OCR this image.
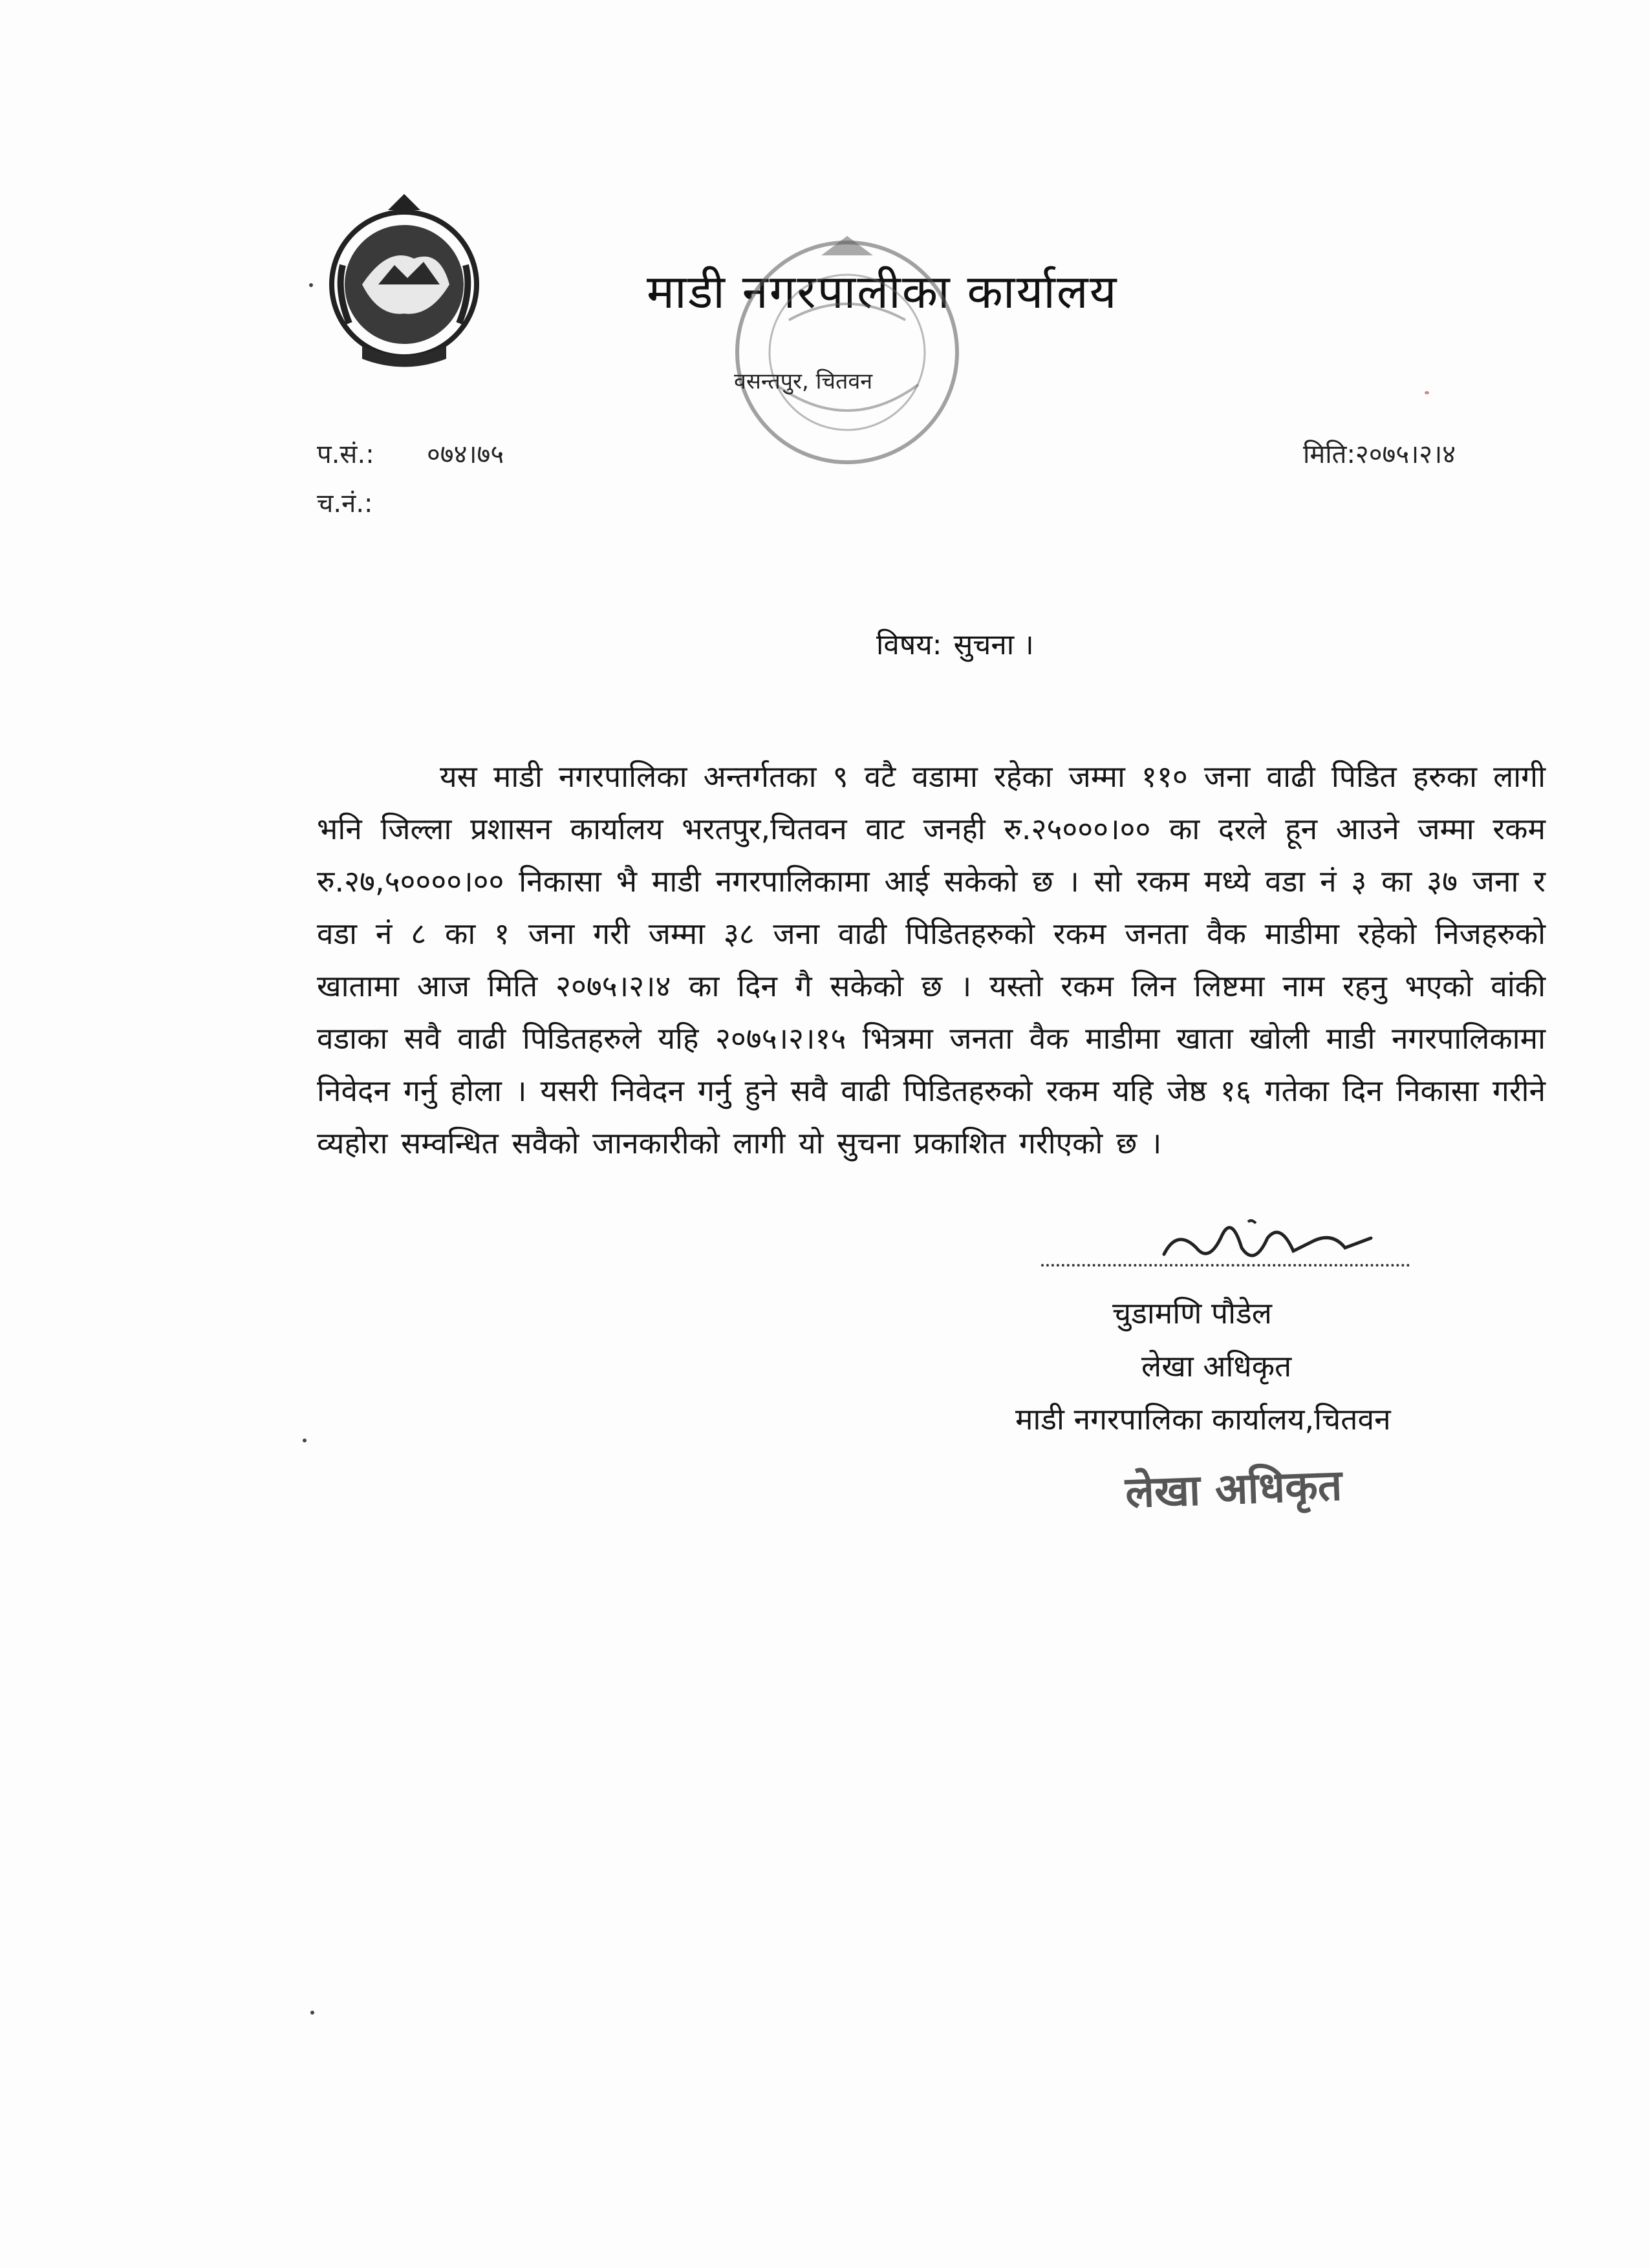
माडी नगरपालीका कार्यालय
वसन्तपुर, चितवन
प.सं.: ०७४।७५
च.नं.:
मिति:२०७५।२।४
विषय: सुचना ।

यस माडी नगरपालिका अन्तर्गतका ९ वटै वडामा रहेका जम्मा ११० जना वाढी पिडित हरुका लागी भनि जिल्ला प्रशासन कार्यालय भरतपुर,चितवन वाट जनही रु.२५०००।०० का दरले हून आउने जम्मा रकम रु.२७,५००००।०० निकासा भै माडी नगरपालिकामा आई सकेको छ । सो रकम मध्ये वडा नं ३ का ३७ जना र वडा नं ८ का १ जना गरी जम्मा ३८ जना वाढी पिडितहरुको रकम जनता वैक माडीमा रहेको निजहरुको खातामा आज मिति २०७५।२।४ का दिन गै सकेको छ । यस्तो रकम लिन लिष्टमा नाम रहनु भएको वांकी वडाका सवै वाढी पिडितहरुले यहि २०७५।२।१५ भित्रमा जनता वैक माडीमा खाता खोली माडी नगरपालिकामा निवेदन गर्नु होला । यसरी निवेदन गर्नु हुने सवै वाढी पिडितहरुको रकम यहि जेष्ठ १६ गतेका दिन निकासा गरीने व्यहोरा सम्वन्धित सवैको जानकारीको लागी यो सुचना प्रकाशित गरीएको छ ।

चुडामणि पौडेल
लेखा अधिकृत
माडी नगरपालिका कार्यालय,चितवन
लेखा अधिकृत
